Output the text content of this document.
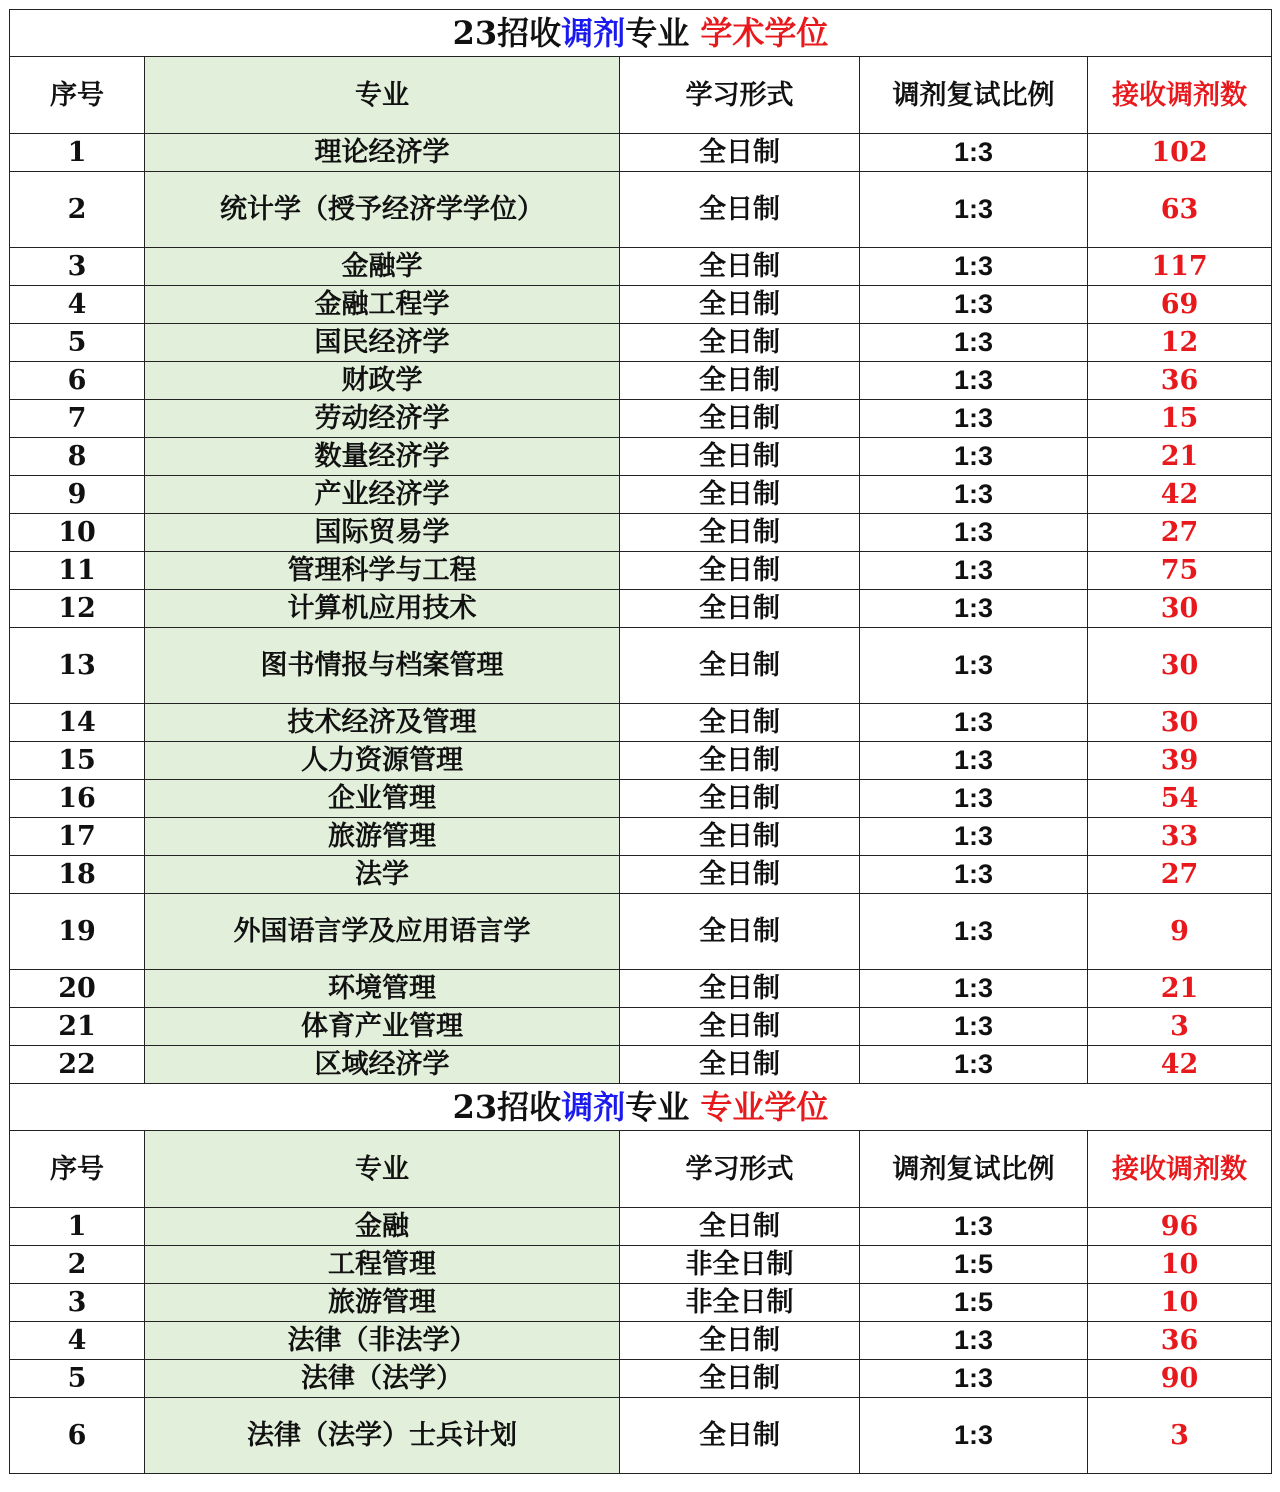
23招收调剂专业 学术学位				
序号	专业	学习形式	调剂复试比例	接收调剂数
1	理论经济学	全日制	1:3	102
2	统计学（授予经济学学位）	全日制	1:3	63
3	金融学	全日制	1:3	117
4	金融工程学	全日制	1:3	69
5	国民经济学	全日制	1:3	12
6	财政学	全日制	1:3	36
7	劳动经济学	全日制	1:3	15
8	数量经济学	全日制	1:3	21
9	产业经济学	全日制	1:3	42
10	国际贸易学	全日制	1:3	27
11	管理科学与工程	全日制	1:3	75
12	计算机应用技术	全日制	1:3	30
13	图书情报与档案管理	全日制	1:3	30
14	技术经济及管理	全日制	1:3	30
15	人力资源管理	全日制	1:3	39
16	企业管理	全日制	1:3	54
17	旅游管理	全日制	1:3	33
18	法学	全日制	1:3	27
19	外国语言学及应用语言学	全日制	1:3	9
20	环境管理	全日制	1:3	21
21	体育产业管理	全日制	1:3	3
22	区域经济学	全日制	1:3	42
23招收调剂专业 专业学位				
序号	专业	学习形式	调剂复试比例	接收调剂数
1	金融	全日制	1:3	96
2	工程管理	非全日制	1:5	10
3	旅游管理	非全日制	1:5	10
4	法律（非法学）	全日制	1:3	36
5	法律（法学）	全日制	1:3	90
6	法律（法学）士兵计划	全日制	1:3	3
